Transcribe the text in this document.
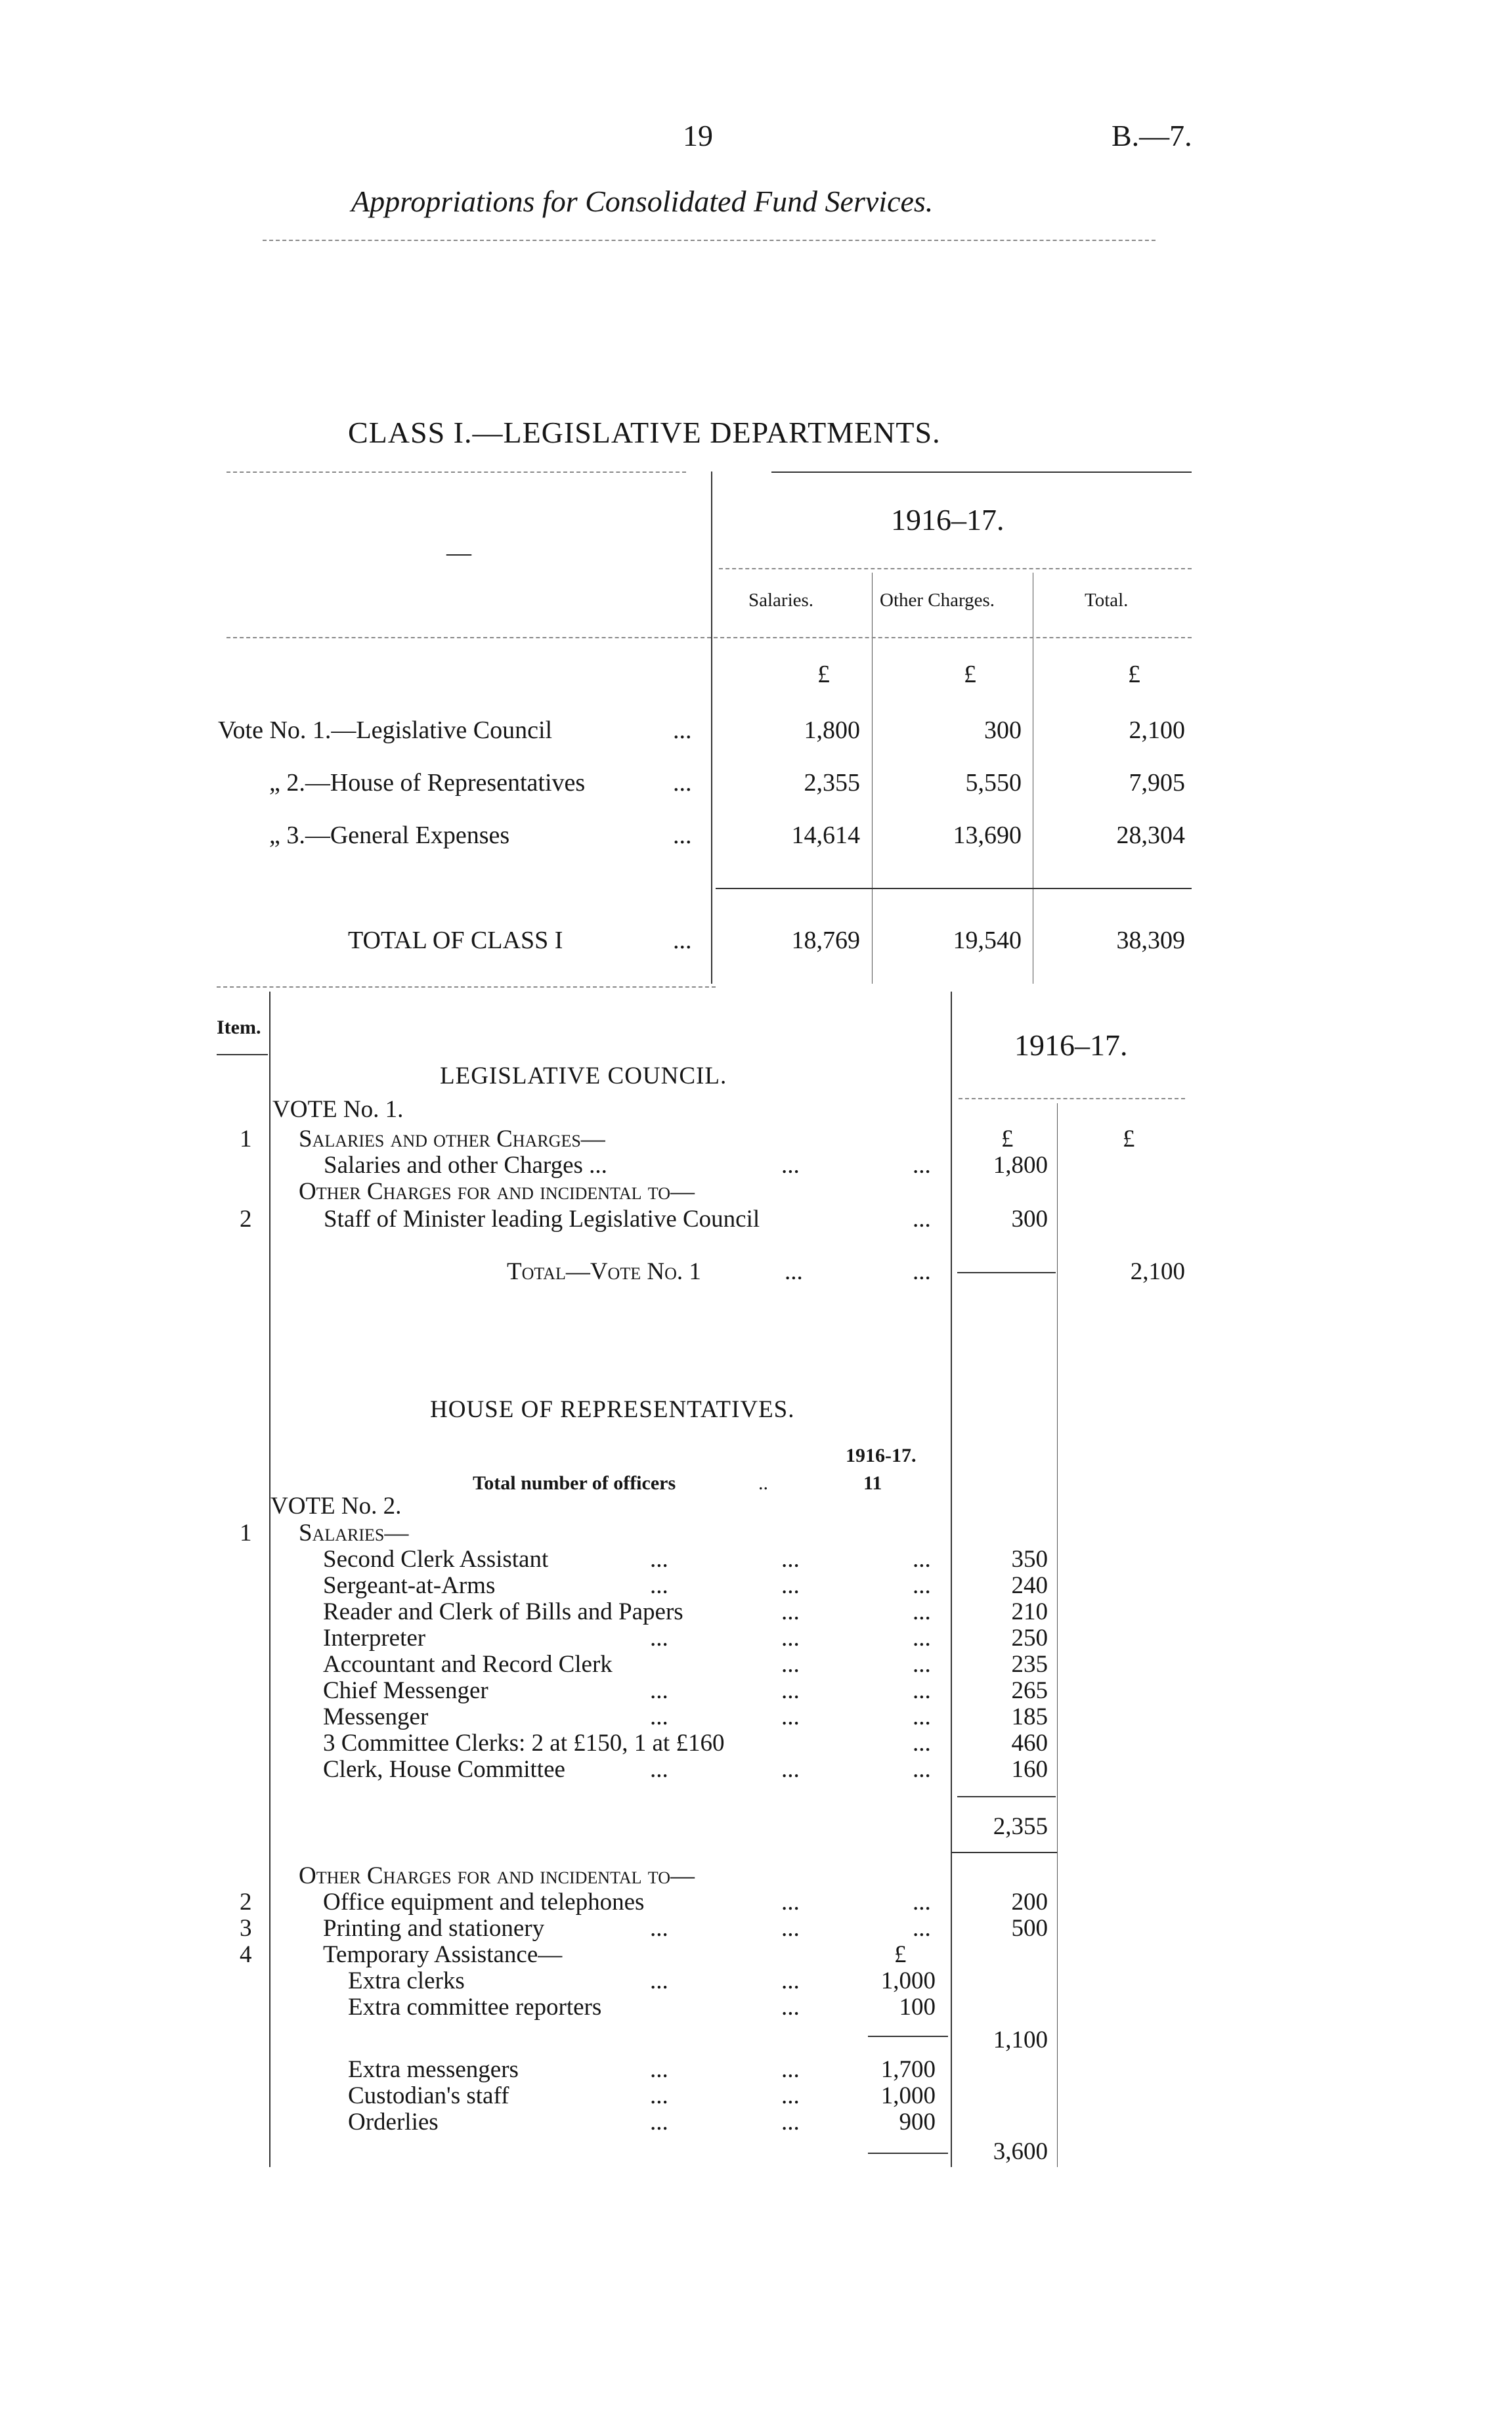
19	B.—7.
Appropriations for Consolidated Fund Services.
CLASS I.—LEGISLATIVE DEPARTMENTS.
—
1916–17.
Salaries.	Other Charges.	Total.
£	£	£
Vote No. 1.—Legislative Council	...	1,800	300	2,100
„ 2.—House of Representatives	...	2,355	5,550	7,905
„ 3.—General Expenses	...	14,614	13,690	28,304
TOTAL OF CLASS I	...	18,769	19,540	38,309
Item.
1916–17.
LEGISLATIVE COUNCIL.
VOTE No. 1.
1 Salaries and other Charges—	£	£
Salaries and other Charges ...	...	...	1,800
Other Charges for and incidental to—
2	Staff of Minister leading Legislative Council	...	300
Total—Vote No. 1	...	...	2,100
HOUSE OF REPRESENTATIVES.
1916-17.
Total number of officers	..	11
VOTE No. 2.
1 Salaries—
Second Clerk Assistant	...	...	...	350
Sergeant-at-Arms	...	...	...	240
Reader and Clerk of Bills and Papers	...	...	210
Interpreter	...	...	...	250
Accountant and Record Clerk	...	...	235
Chief Messenger	...	...	...	265
Messenger	...	...	...	185
3 Committee Clerks: 2 at £150, 1 at £160	...	460
Clerk, House Committee	...	...	...	160
2,355
Other Charges for and incidental to—
2	Office equipment and telephones	...	...	200
3	Printing and stationery	...	...	...	500
4	Temporary Assistance—	£
Extra clerks	...	...	1,000
Extra committee reporters	...	100
1,100
Extra messengers	...	...	1,700
Custodian's staff	...	...	1,000
Orderlies	...	...	900
3,600
